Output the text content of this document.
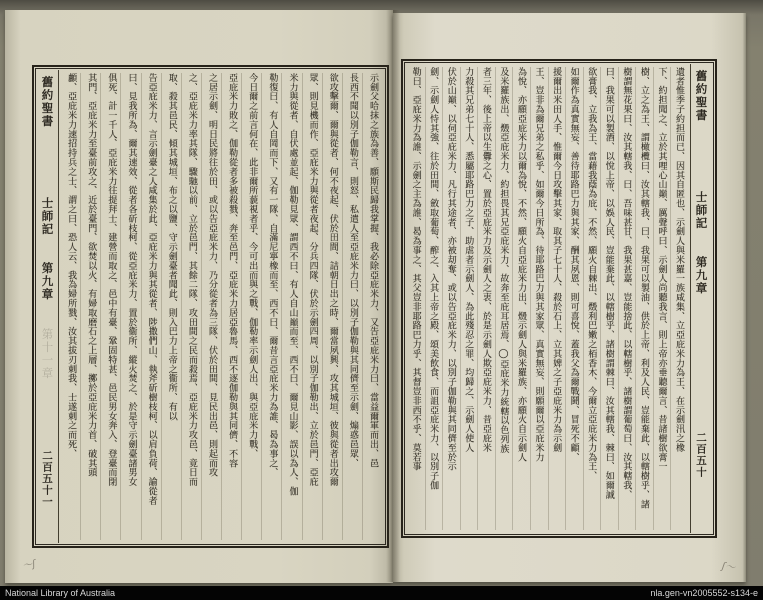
舊約聖書
士師記
第九章
第十一章
二百五十一
示劍父哈抹之族為善、願斯民歸我掌握、我必除亞庇米力、又告亞庇米力曰、當益爾軍而出、邑
長西不聞以別子伽勒言、則怒、私遣人至亞庇米力曰、以別子伽勒與其同儕至示劍、煽惑邑眾、
欲攻擊爾、爾與從者、何不夜起、伏於田間、詰朝日出之時、爾當夙興、攻其城垣、彼與從者出攻爾
眾、則見機而作、亞庇米力與從者夜起、分兵四隊、伏於示劍四周、以別子伽勒出、立於邑門、亞庇
米力與從者、自伏處並起、伽勒見眾、謂西不曰、有人自山巔而至、西不曰、爾見山影、誤以為人、伽
勒復曰、有人自岡而下、又有一隊、自滿尼寧橡而至、西不曰、爾昔言亞庇米力為誰、曷為事之、
今日爾之前言何在、此非爾所藐視者乎、今可出而與之戰、伽勒率示劍人出、與亞庇米力戰、
亞庇米力敗之、伽勒從者多被殺戮、奔至邑門、亞庇米力居亞魯馬、西不逐伽勒與其同儕、不容
之居示劍、明日民將往於田、或以告亞庇米力、乃分從者為三隊、伏於田間、見民出邑、則起而攻
之、亞庇米力率其隊、驟馳以前、立於邑門、其餘二隊、攻田間之民而殺焉、亞庇米力攻邑、竟日而
取、殺其邑民、傾其城垣、布之以鹽、守示劍臺者聞此、則入巴力上帝之衞所、有以
告亞庇米力、言示劍臺之人咸集於此、亞庇米力與其從者、陟撒們山、執斧斫樹枝柯、以肩負荷、諭從者
曰、見我所為、爾其速效、從者各斫枝柯、從亞庇米力、置於衞所、縱火焚之、於是守示劍臺諸男女
俱死、計一千人、亞庇米力往提拜士、建營而取之、邑中有臺、鞏固特甚、邑民男女奔入、登臺而閉
其門、亞庇米力至臺前攻之、近於臺門、欲焚以火、有婦取磨石之上層、擲於亞庇米力首、破其頭
顱、亞庇米力速招持兵之士、謂之曰、恐人云、我為婦所戮、汝其拔刃刺我、士遂刺之而死、	遺者惟季子約担而已、因其自匿也、示劍人與米羅一族咸集、立亞庇米力為王、在示劍汛之橡
下、約担聞之、立於其哩心山巔、厲聲呼曰、示劍人尚聽我言、則上帝亦垂聽爾言、昔諸樹欲膏一
樹、立之為王、謂橄欖曰、汝其轄我、曰、我果可以製油、供於上帝、利及人民、豈能棄此、以轄樹乎、諸
樹謂無花果曰、汝其轄我、曰、吾味甚甘、我果甚嘉、豈能捨此、以轄樹乎、諸樹謂葡萄曰、汝其轄我、
曰、我果可以製酒、以悅上帝、以娛人民、豈能棄此、以轄樹乎、諸樹謂棘曰、汝其轄我、棘曰、如爾誠
欲膏我、立我為王、當藉我蔭為庇、不然、願火自棘出、燬利巴嫩之栢香木、今爾立亞庇米力為王、
如爾作為真實無妄、善待耶路巴力與其家、酬其夙恩、則可喜悅、蓋我父為爾戰鬪、冒死不顧、
援爾出米田人手、惟爾今日攻擊其家、取其子七十人、殺於石上、立其婢之子亞庇米力為示劍
王、豈非為爾兄弟之私乎、如爾今日所為、待耶路巴力與其家眾、真實無妄、則願爾以亞庇米力
為悅、亦願亞庇米力以爾為悅、不然、願火自亞庇米力出、燬示劍人與米羅族、亦願火自示劍人
及米羅族出、燬亞庇米力、約担畏其兄亞庇米力、故奔至庇耳居焉、◯亞庇米力統轄以色列族
者三年、後上帝以生釁之心、置於亞庇米力及示劍人之衷、於是示劍人欺亞庇米力、昔亞庇米
力殺其兄弟七十人、悉屬耶路巴力之子、助虐者示劍人、為此殘忍之罪、均歸之、示劍人使人
伏於山巔、以伺亞庇米力、凡行其途者、亦被刧奪、或以告亞庇米力、以別子伽勒與其同儕至於示
劍、示劍人恃其強、往於田間、斂取葡萄、醡之、入其上帝之殿、頌美飲食、而詛亞庇米力、以別子伽
勒曰、亞庇米力為誰、示劍之主為誰、曷為事之、其父豈非耶路巴力乎、其督豈非西不乎、莫若事	舊約聖書
士師記
第九章
二百五十
〜ʃ	ʃ〜
National Library of Australia	nla.gen-vn2005552-s134-e
